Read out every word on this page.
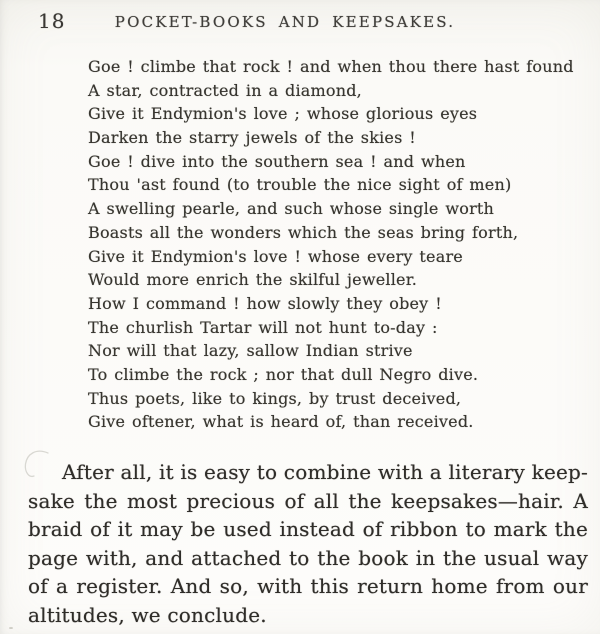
18	POCKET-BOOKS AND KEEPSAKES.
Goe ! climbe that rock ! and when thou there hast found
A star, contracted in a diamond,
Give it Endymion's love ; whose glorious eyes
Darken the starry jewels of the skies !
Goe ! dive into the southern sea ! and when
Thou 'ast found (to trouble the nice sight of men)
A swelling pearle, and such whose single worth
Boasts all the wonders which the seas bring forth,
Give it Endymion's love ! whose every teare
Would more enrich the skilful jeweller.
How I command ! how slowly they obey !
The churlish Tartar will not hunt to-day :
Nor will that lazy, sallow Indian strive
To climbe the rock ; nor that dull Negro dive.
Thus poets, like to kings, by trust deceived,
Give oftener, what is heard of, than received.
After all, it is easy to combine with a literary keep-
sake the most precious of all the keepsakes—hair. A
braid of it may be used instead of ribbon to mark the
page with, and attached to the book in the usual way
of a register. And so, with this return home from our
altitudes, we conclude.
